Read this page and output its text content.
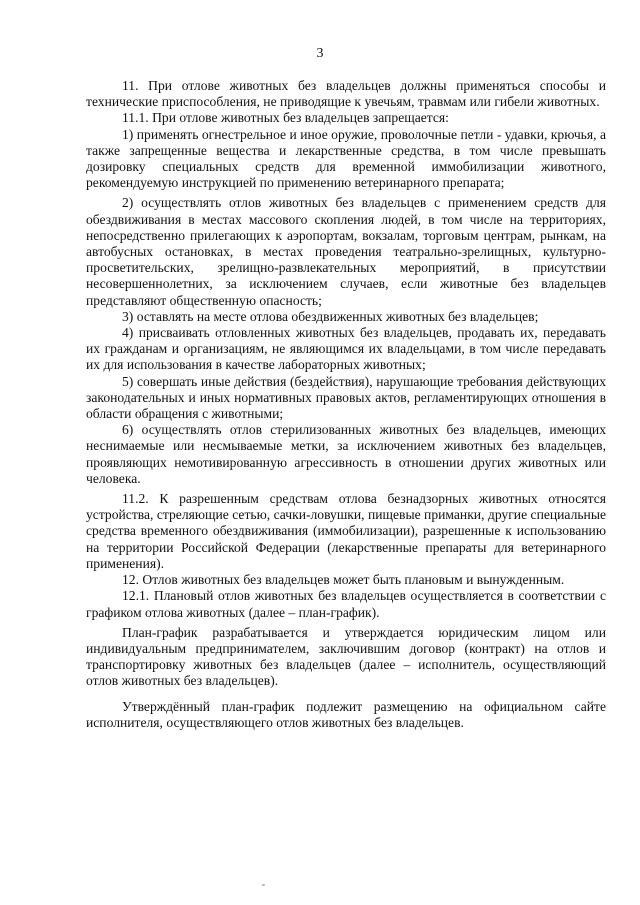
3

11. При отлове животных без владельцев должны применяться способы и технические приспособления, не приводящие к увечьям, травмам или гибели животных.

11.1. При отлове животных без владельцев запрещается:

1) применять огнестрельное и иное оружие, проволочные петли - удавки, крючья, а также запрещенные вещества и лекарственные средства, в том числе превышать дозировку специальных средств для временной иммобилизации животного, рекомендуемую инструкцией по применению ветеринарного препарата;

2) осуществлять отлов животных без владельцев с применением средств для обездвиживания в местах массового скопления людей, в том числе на территориях, непосредственно прилегающих к аэропортам, вокзалам, торговым центрам, рынкам, на автобусных остановках, в местах проведения театрально-зрелищных, культурно-просветительских, зрелищно-развлекательных мероприятий, в присутствии несовершеннолетних, за исключением случаев, если животные без владельцев представляют общественную опасность;

3) оставлять на месте отлова обездвиженных животных без владельцев;

4) присваивать отловленных животных без владельцев, продавать их, передавать их гражданам и организациям, не являющимся их владельцами, в том числе передавать их для использования в качестве лабораторных животных;

5) совершать иные действия (бездействия), нарушающие требования действующих законодательных и иных нормативных правовых актов, регламентирующих отношения в области обращения с животными;

6) осуществлять отлов стерилизованных животных без владельцев, имеющих неснимаемые или несмываемые метки, за исключением животных без владельцев, проявляющих немотивированную агрессивность в отношении других животных или человека.

11.2. К разрешенным средствам отлова безнадзорных животных относятся устройства, стреляющие сетью, сачки-ловушки, пищевые приманки, другие специальные средства временного обездвиживания (иммобилизации), разрешенные к использованию на территории Российской Федерации (лекарственные препараты для ветеринарного применения).

12. Отлов животных без владельцев может быть плановым и вынужденным.

12.1. Плановый отлов животных без владельцев осуществляется в соответствии с графиком отлова животных (далее – план-график).

План-график разрабатывается и утверждается юридическим лицом или индивидуальным предпринимателем, заключившим договор (контракт) на отлов и транспортировку животных без владельцев (далее – исполнитель, осуществляющий отлов животных без владельцев).

Утверждённый план-график подлежит размещению на официальном сайте исполнителя, осуществляющего отлов животных без владельцев.
